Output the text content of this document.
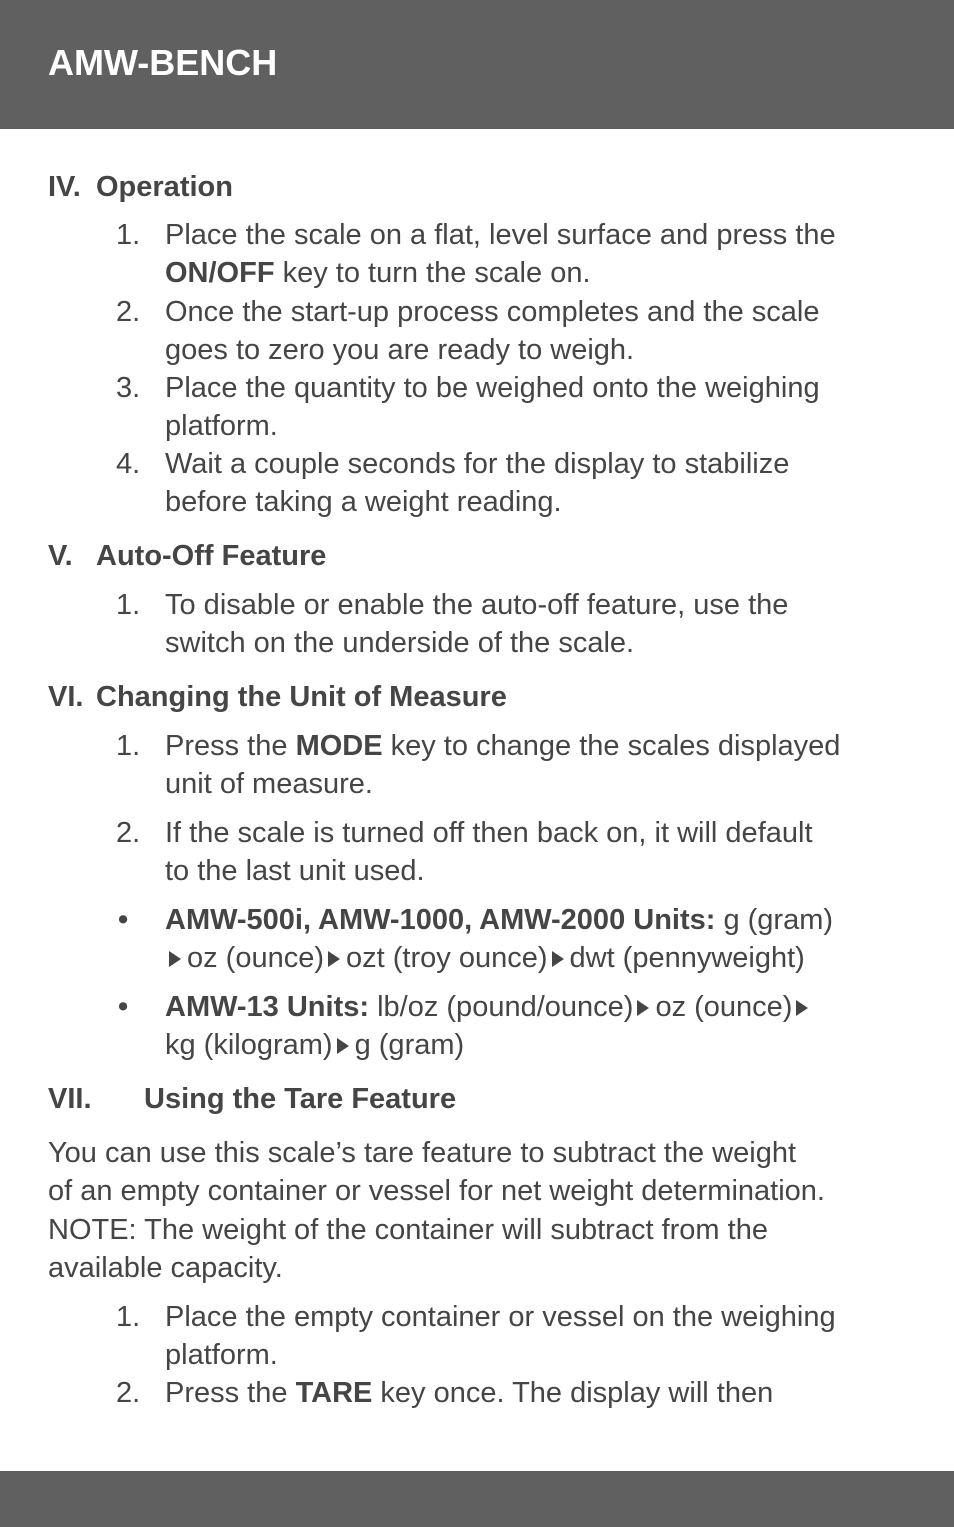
AMW-BENCH
IV. Operation
1. Place the scale on a flat, level surface and press the
ON/OFF key to turn the scale on.
2. Once the start-up process completes and the scale
goes to zero you are ready to weigh.
3. Place the quantity to be weighed onto the weighing
platform.
4. Wait a couple seconds for the display to stabilize
before taking a weight reading.
V. Auto-Off Feature
1. To disable or enable the auto-off feature, use the
switch on the underside of the scale.
VI. Changing the Unit of Measure
1. Press the MODE key to change the scales displayed
unit of measure.
2. If the scale is turned off then back on, it will default
to the last unit used.
•	AMW-500i, AMW-1000, AMW-2000 Units: g (gram)
oz (ounce) ozt (troy ounce) dwt (pennyweight)
•	AMW-13 Units: lb/oz (pound/ounce) oz (ounce)
kg (kilogram) g (gram)
VII. Using the Tare Feature
You can use this scale’s tare feature to subtract the weight
of an empty container or vessel for net weight determination.
NOTE: The weight of the container will subtract from the
available capacity.
1. Place the empty container or vessel on the weighing
platform.
2. Press the TARE key once. The display will then
